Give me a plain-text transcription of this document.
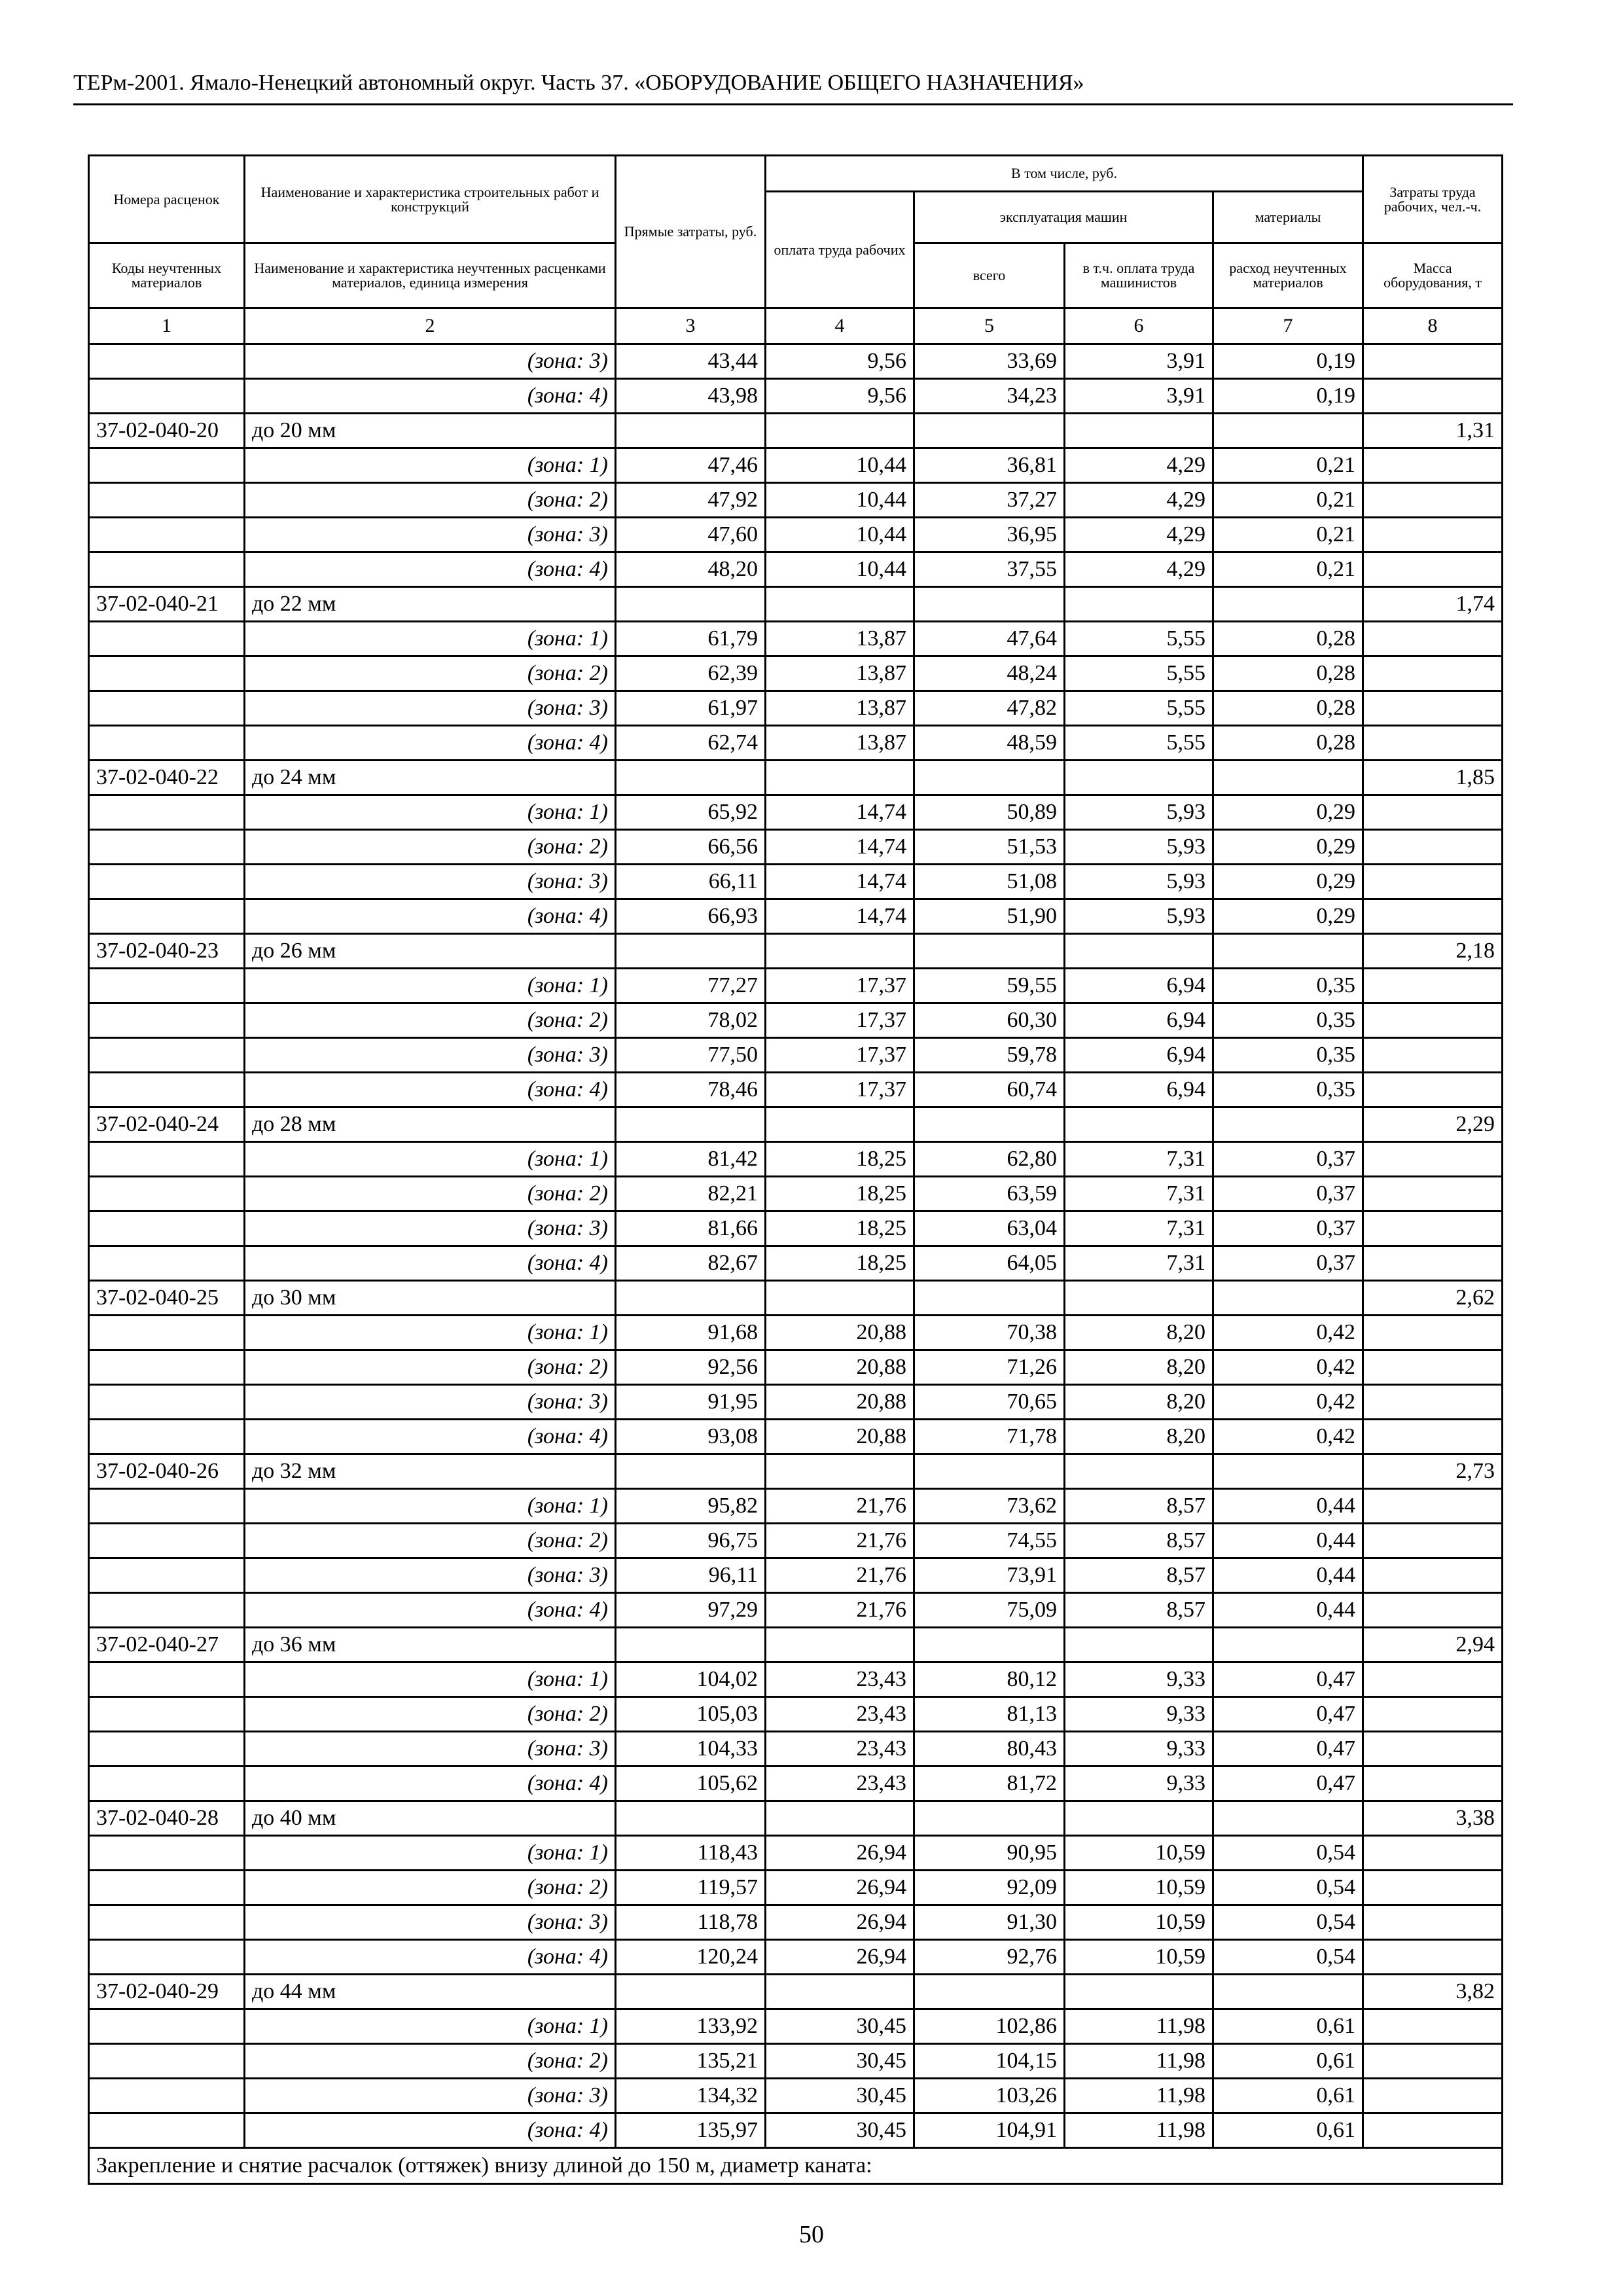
ТЕРм-2001. Ямало-Ненецкий автономный округ. Часть 37. «ОБОРУДОВАНИЕ ОБЩЕГО НАЗНАЧЕНИЯ»
Номера расценок	Наименование и характеристика строительных работ и конструкций	Прямые затраты, руб.	В том числе, руб.				Затраты труда рабочих, чел.-ч.
			оплата труда рабочих	эксплуатация машин		материалы	
Коды неучтенных материалов	Наименование и характеристика неучтенных расценками материалов, единица измерения			всего	в т.ч. оплата труда машинистов	расход неучтенных материалов	Масса оборудования, т
1	2	3	4	5	6	7	8
	(зона: 3)	43,44	9,56	33,69	3,91	0,19	
	(зона: 4)	43,98	9,56	34,23	3,91	0,19	
37-02-040-20	до 20 мм						1,31
	(зона: 1)	47,46	10,44	36,81	4,29	0,21	
	(зона: 2)	47,92	10,44	37,27	4,29	0,21	
	(зона: 3)	47,60	10,44	36,95	4,29	0,21	
	(зона: 4)	48,20	10,44	37,55	4,29	0,21	
37-02-040-21	до 22 мм						1,74
	(зона: 1)	61,79	13,87	47,64	5,55	0,28	
	(зона: 2)	62,39	13,87	48,24	5,55	0,28	
	(зона: 3)	61,97	13,87	47,82	5,55	0,28	
	(зона: 4)	62,74	13,87	48,59	5,55	0,28	
37-02-040-22	до 24 мм						1,85
	(зона: 1)	65,92	14,74	50,89	5,93	0,29	
	(зона: 2)	66,56	14,74	51,53	5,93	0,29	
	(зона: 3)	66,11	14,74	51,08	5,93	0,29	
	(зона: 4)	66,93	14,74	51,90	5,93	0,29	
37-02-040-23	до 26 мм						2,18
	(зона: 1)	77,27	17,37	59,55	6,94	0,35	
	(зона: 2)	78,02	17,37	60,30	6,94	0,35	
	(зона: 3)	77,50	17,37	59,78	6,94	0,35	
	(зона: 4)	78,46	17,37	60,74	6,94	0,35	
37-02-040-24	до 28 мм						2,29
	(зона: 1)	81,42	18,25	62,80	7,31	0,37	
	(зона: 2)	82,21	18,25	63,59	7,31	0,37	
	(зона: 3)	81,66	18,25	63,04	7,31	0,37	
	(зона: 4)	82,67	18,25	64,05	7,31	0,37	
37-02-040-25	до 30 мм						2,62
	(зона: 1)	91,68	20,88	70,38	8,20	0,42	
	(зона: 2)	92,56	20,88	71,26	8,20	0,42	
	(зона: 3)	91,95	20,88	70,65	8,20	0,42	
	(зона: 4)	93,08	20,88	71,78	8,20	0,42	
37-02-040-26	до 32 мм						2,73
	(зона: 1)	95,82	21,76	73,62	8,57	0,44	
	(зона: 2)	96,75	21,76	74,55	8,57	0,44	
	(зона: 3)	96,11	21,76	73,91	8,57	0,44	
	(зона: 4)	97,29	21,76	75,09	8,57	0,44	
37-02-040-27	до 36 мм						2,94
	(зона: 1)	104,02	23,43	80,12	9,33	0,47	
	(зона: 2)	105,03	23,43	81,13	9,33	0,47	
	(зона: 3)	104,33	23,43	80,43	9,33	0,47	
	(зона: 4)	105,62	23,43	81,72	9,33	0,47	
37-02-040-28	до 40 мм						3,38
	(зона: 1)	118,43	26,94	90,95	10,59	0,54	
	(зона: 2)	119,57	26,94	92,09	10,59	0,54	
	(зона: 3)	118,78	26,94	91,30	10,59	0,54	
	(зона: 4)	120,24	26,94	92,76	10,59	0,54	
37-02-040-29	до 44 мм						3,82
	(зона: 1)	133,92	30,45	102,86	11,98	0,61	
	(зона: 2)	135,21	30,45	104,15	11,98	0,61	
	(зона: 3)	134,32	30,45	103,26	11,98	0,61	
	(зона: 4)	135,97	30,45	104,91	11,98	0,61	
Закрепление и снятие расчалок (оттяжек) внизу длиной до 150 м, диаметр каната:							
50
